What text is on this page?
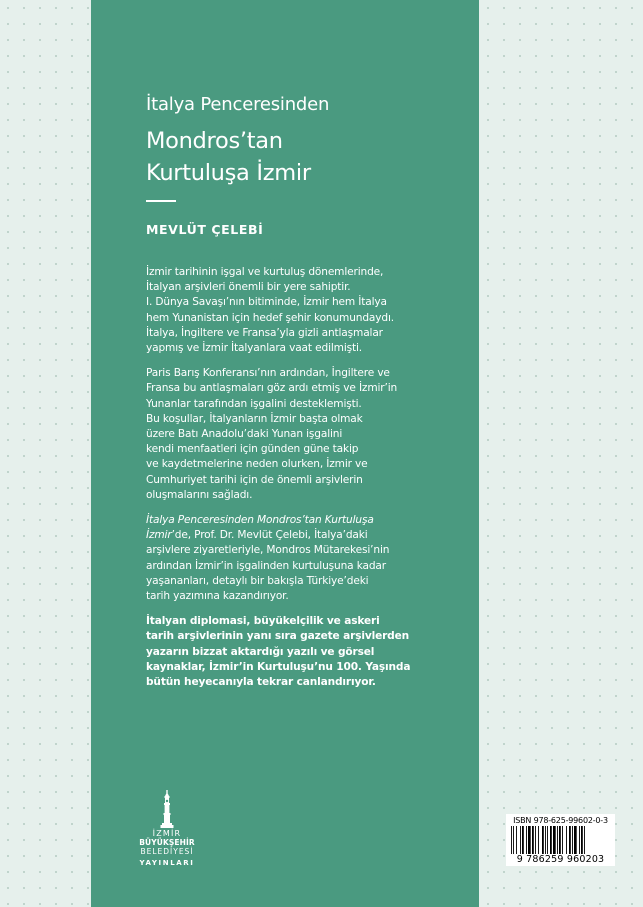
İtalya Penceresinden
Mondros’tan
Kurtuluşa İzmir
MEVLÜT ÇELEBİ

İzmir tarihinin işgal ve kurtuluş dönemlerinde,
İtalyan arşivleri önemli bir yere sahiptir.
I. Dünya Savaşı’nın bitiminde, İzmir hem İtalya
hem Yunanistan için hedef şehir konumundaydı.
İtalya, İngiltere ve Fransa’yla gizli antlaşmalar
yapmış ve İzmir İtalyanlara vaat edilmişti.

Paris Barış Konferansı’nın ardından, İngiltere ve
Fransa bu antlaşmaları göz ardı etmiş ve İzmir’in
Yunanlar tarafından işgalini desteklemişti.
Bu koşullar, İtalyanların İzmir başta olmak
üzere Batı Anadolu’daki Yunan işgalini
kendi menfaatleri için günden güne takip
ve kaydetmelerine neden olurken, İzmir ve
Cumhuriyet tarihi için de önemli arşivlerin
oluşmalarını sağladı.

İtalya Penceresinden Mondros’tan Kurtuluşa
İzmir’de, Prof. Dr. Mevlüt Çelebi, İtalya’daki
arşivlere ziyaretleriyle, Mondros Mütarekesi’nin
ardından İzmir’in işgalinden kurtuluşuna kadar
yaşananları, detaylı bir bakışla Türkiye’deki
tarih yazımına kazandırıyor.

İtalyan diplomasi, büyükelçilik ve askeri
tarih arşivlerinin yanı sıra gazete arşivlerden
yazarın bizzat aktardığı yazılı ve görsel
kaynaklar, İzmir’in Kurtuluşu’nu 100. Yaşında
bütün heyecanıyla tekrar canlandırıyor.

İZMİR
BÜYÜKŞEHİR
BELEDİYESİ
YAYINLARI
ISBN 978-625-99602-0-3
9 786259 960203
